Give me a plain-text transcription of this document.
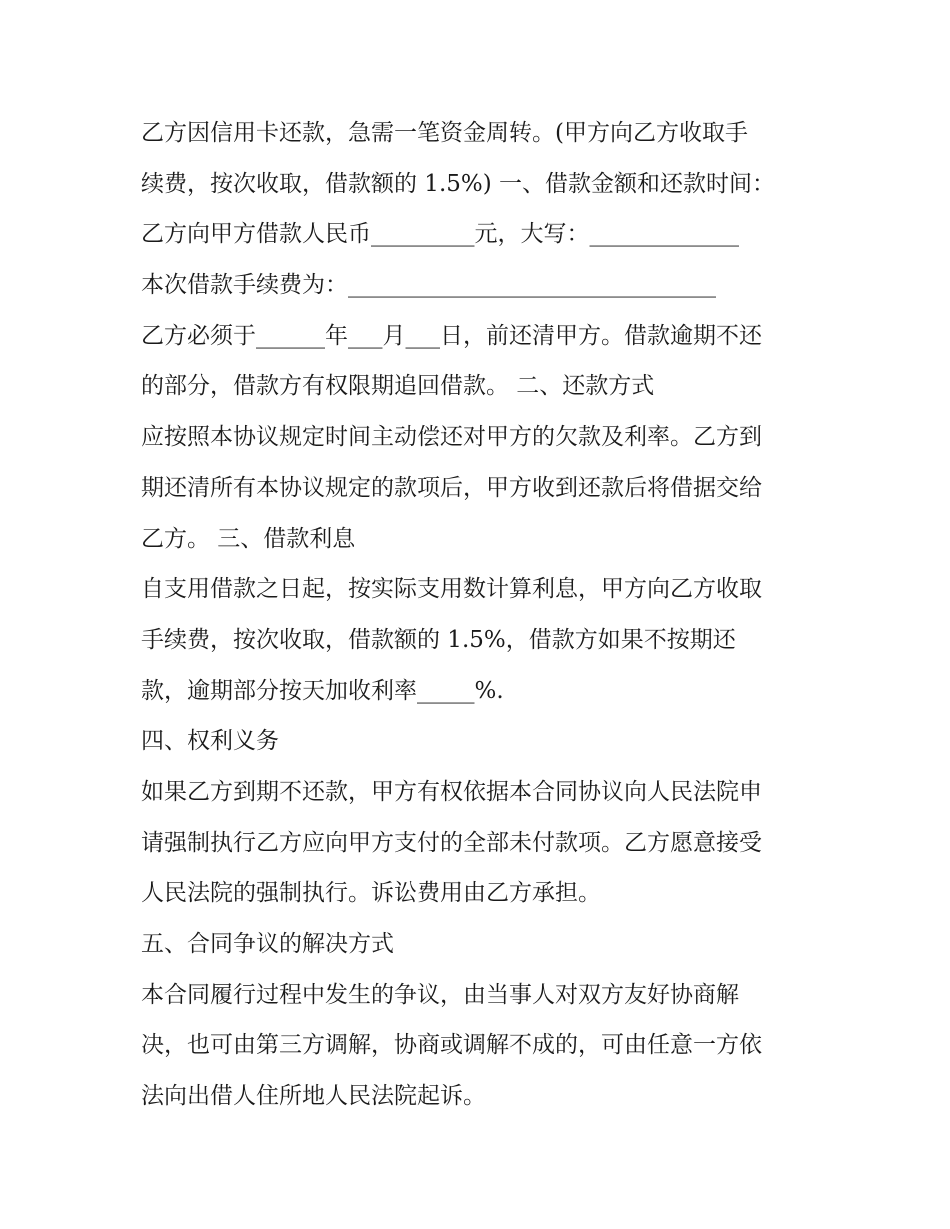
乙方因信用卡还款，急需一笔资金周转。(甲方向乙方收取手
续费，按次收取，借款额的 1.5%) 一、借款金额和还款时间：
乙方向甲方借款人民币_________元，大写：_____________
本次借款手续费为：________________________________
乙方必须于______年___月___日，前还清甲方。借款逾期不还
的部分，借款方有权限期追回借款。 二、还款方式
应按照本协议规定时间主动偿还对甲方的欠款及利率。乙方到
期还清所有本协议规定的款项后，甲方收到还款后将借据交给
乙方。 三、借款利息
自支用借款之日起，按实际支用数计算利息，甲方向乙方收取
手续费，按次收取，借款额的 1.5%，借款方如果不按期还
款，逾期部分按天加收利率_____%.
四、权利义务
如果乙方到期不还款，甲方有权依据本合同协议向人民法院申
请强制执行乙方应向甲方支付的全部未付款项。乙方愿意接受
人民法院的强制执行。诉讼费用由乙方承担。
五、合同争议的解决方式
本合同履行过程中发生的争议，由当事人对双方友好协商解
决，也可由第三方调解，协商或调解不成的，可由任意一方依
法向出借人住所地人民法院起诉。
